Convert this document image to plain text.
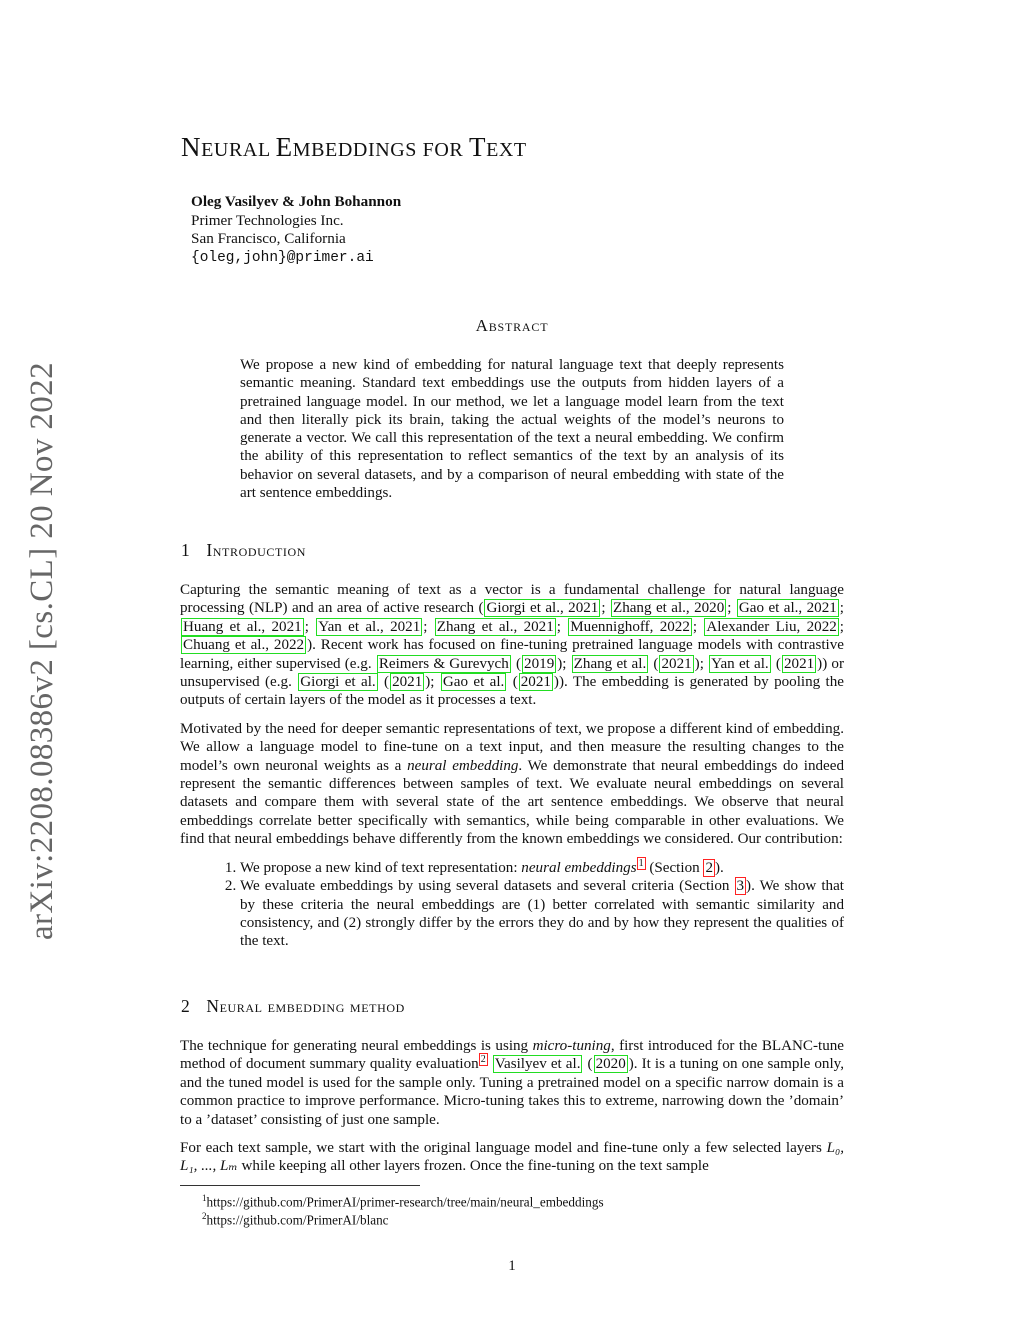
arXiv:2208.08386v2 [cs.CL] 20 Nov 2022
NEURAL EMBEDDINGS FOR TEXT
Oleg Vasilyev & John Bohannon
Primer Technologies Inc.
San Francisco, California
{oleg,john}@primer.ai
Abstract
We propose a new kind of embedding for natural language text that deeply represents semantic meaning. Standard text embeddings use the outputs from hidden layers of a pretrained language model. In our method, we let a language model learn from the text and then literally pick its brain, taking the actual weights of the model’s neurons to generate a vector. We call this representation of the text a neural embedding. We confirm the ability of this representation to reflect semantics of the text by an analysis of its behavior on several datasets, and by a comparison of neural embedding with state of the art sentence embeddings.
1 Introduction

Capturing the semantic meaning of text as a vector is a fundamental challenge for natural language processing (NLP) and an area of active research ( Giorgi et al., 2021 ; Zhang et al., 2020 ; Gao et al., 2021 ; Huang et al., 2021 ; Yan et al., 2021 ; Zhang et al., 2021 ; Muennighoff, 2022 ; Alexander Liu, 2022 ; Chuang et al., 2022 ). Recent work has focused on fine-tuning pretrained language models with contrastive learning, either supervised (e.g. Reimers & Gurevych ( 2019 ); Zhang et al. ( 2021 ); Yan et al. ( 2021 )) or unsupervised (e.g. Giorgi et al. ( 2021 ); Gao et al. ( 2021 )). The embedding is generated by pooling the outputs of certain layers of the model as it processes a text.

Motivated by the need for deeper semantic representations of text, we propose a different kind of embedding. We allow a language model to fine-tune on a text input, and then measure the resulting changes to the model’s own neuronal weights as a neural embedding. We demonstrate that neural embeddings do indeed represent the semantic differences between samples of text. We evaluate neural embeddings on several datasets and compare them with several state of the art sentence embeddings. We observe that neural embeddings correlate better specifically with semantics, while being comparable in other evaluations. We find that neural embeddings behave differently from the known embeddings we considered. Our contribution:

1. We propose a new kind of text representation: neural embeddings $^1$ (Section 2 ).
2. We evaluate embeddings by using several datasets and several criteria (Section 3 ). We show that by these criteria the neural embeddings are (1) better correlated with semantic similarity and consistency, and (2) strongly differ by the errors they do and by how they represent the qualities of the text.
2 Neural embedding method

The technique for generating neural embeddings is using micro-tuning, first introduced for the BLANC-tune method of document summary quality evaluation $^2$ Vasilyev et al. ( 2020 ). It is a tuning on one sample only, and the tuned model is used for the sample only. Tuning a pretrained model on a specific narrow domain is a common practice to improve performance. Micro-tuning takes this to extreme, narrowing down the ’domain’ to a ’dataset’ consisting of just one sample.

For each text sample, we start with the original language model and fine-tune only a few selected layers L₀, L₁, ..., Lₘ while keeping all other layers frozen. Once the fine-tuning on the text sample

$^1$https://github.com/PrimerAI/primer-research/tree/main/neural_embeddings
$^2$https://github.com/PrimerAI/blanc
1
